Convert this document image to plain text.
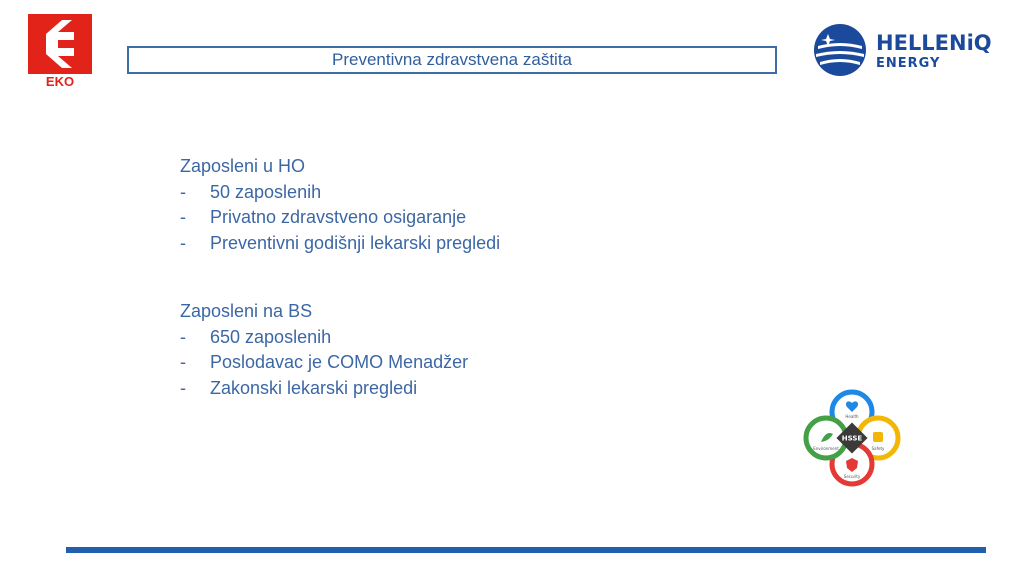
EKO
Preventivna zdravstvena zaštita
HELLENiQ
ENERGY
Zaposleni u HO
-	50 zaposlenih
-	Privatno zdravstveno osigaranje
-	Preventivni godišnji lekarski pregledi
Zaposleni na BS
-	650 zaposlenih
-	Poslodavac je COMO Menadžer
-	Zakonski lekarski pregledi
Health
Safety
Security
Environment
HSSE
